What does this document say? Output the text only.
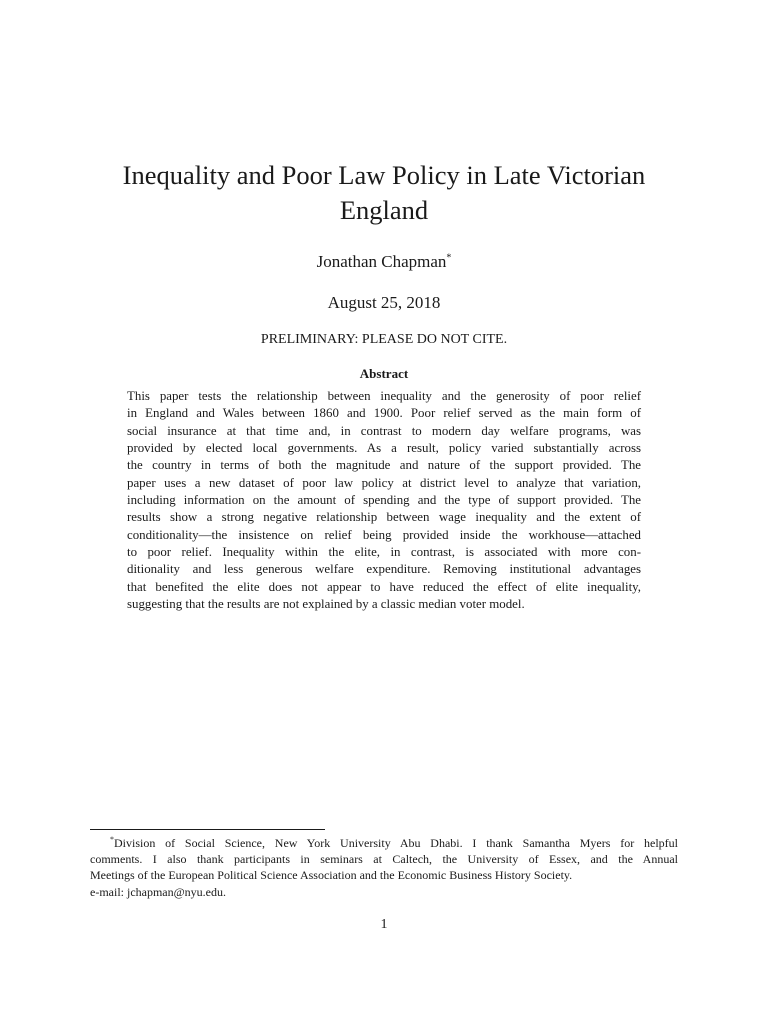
Inequality and Poor Law Policy in Late Victorian
England
Jonathan Chapman*
August 25, 2018
PRELIMINARY: PLEASE DO NOT CITE.
Abstract
This paper tests the relationship between inequality and the generosity of poor relief
in England and Wales between 1860 and 1900. Poor relief served as the main form of
social insurance at that time and, in contrast to modern day welfare programs, was
provided by elected local governments. As a result, policy varied substantially across
the country in terms of both the magnitude and nature of the support provided. The
paper uses a new dataset of poor law policy at district level to analyze that variation,
including information on the amount of spending and the type of support provided. The
results show a strong negative relationship between wage inequality and the extent of
conditionality—the insistence on relief being provided inside the workhouse—attached
to poor relief. Inequality within the elite, in contrast, is associated with more con-
ditionality and less generous welfare expenditure. Removing institutional advantages
that benefited the elite does not appear to have reduced the effect of elite inequality,
suggesting that the results are not explained by a classic median voter model.
*Division of Social Science, New York University Abu Dhabi. I thank Samantha Myers for helpful
comments. I also thank participants in seminars at Caltech, the University of Essex, and the Annual
Meetings of the European Political Science Association and the Economic Business History Society.
e-mail: jchapman@nyu.edu.
1
